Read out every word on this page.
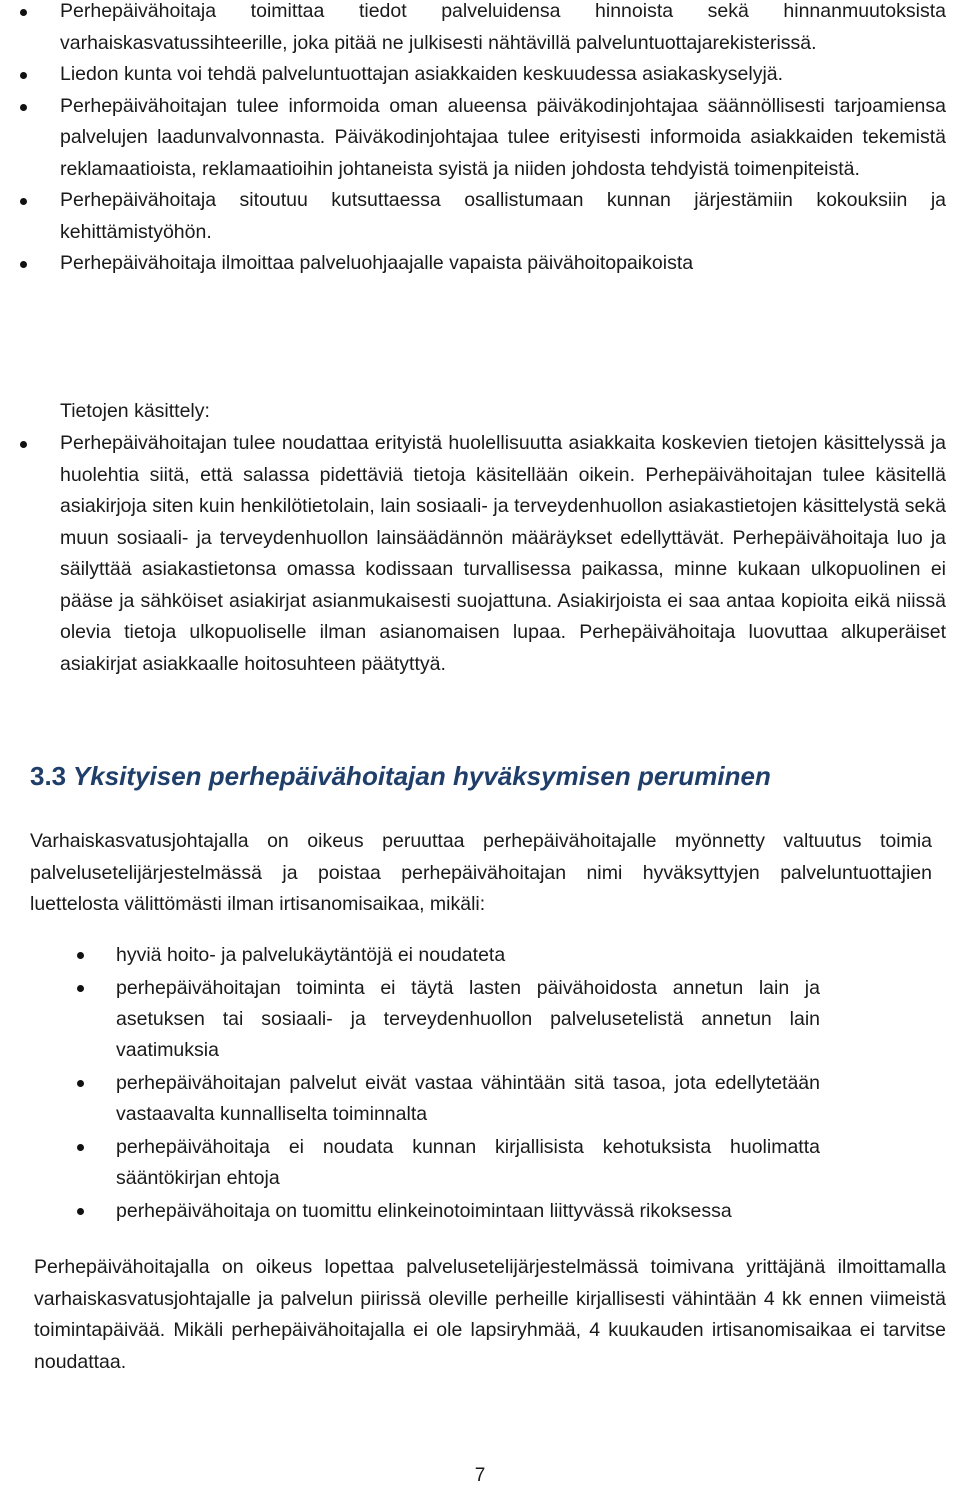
Perhepäivähoitaja toimittaa tiedot palveluidensa hinnoista sekä hinnanmuutoksista varhaiskasvatussihteerille, joka pitää ne julkisesti nähtävillä palveluntuottajarekisterissä.
Liedon kunta voi tehdä palveluntuottajan asiakkaiden keskuudessa asiakaskyselyjä.
Perhepäivähoitajan tulee informoida oman alueensa päiväkodinjohtajaa säännöllisesti tarjoamiensa palvelujen laadunvalvonnasta. Päiväkodinjohtajaa tulee erityisesti informoida asiakkaiden tekemistä reklamaatioista, reklamaatioihin johtaneista syistä ja niiden johdosta tehdyistä toimenpiteistä.
Perhepäivähoitaja sitoutuu kutsuttaessa osallistumaan kunnan järjestämiin kokouksiin ja kehittämistyöhön.
Perhepäivähoitaja ilmoittaa palveluohjaajalle vapaista päivähoitopaikoista
Tietojen käsittely:
Perhepäivähoitajan tulee noudattaa erityistä huolellisuutta asiakkaita koskevien tietojen käsittelyssä ja huolehtia siitä, että salassa pidettäviä tietoja käsitellään oikein. Perhepäivähoitajan tulee käsitellä asiakirjoja siten kuin henkilötietolain, lain sosiaali- ja terveydenhuollon asiakastietojen käsittelystä sekä muun sosiaali- ja terveydenhuollon lainsäädännön määräykset edellyttävät. Perhepäivähoitaja luo ja säilyttää asiakastietonsa omassa kodissaan turvallisessa paikassa, minne kukaan ulkopuolinen ei pääse ja sähköiset asiakirjat asianmukaisesti suojattuna. Asiakirjoista ei saa antaa kopioita eikä niissä olevia tietoja ulkopuoliselle ilman asianomaisen lupaa. Perhepäivähoitaja luovuttaa alkuperäiset asiakirjat asiakkaalle hoitosuhteen päätyttyä.
3.3 Yksityisen perhepäivähoitajan hyväksymisen peruminen

Varhaiskasvatusjohtajalla on oikeus peruuttaa perhepäivähoitajalle myönnetty valtuutus toimia palvelusetelijärjestelmässä ja poistaa perhepäivähoitajan nimi hyväksyttyjen palveluntuottajien luettelosta välittömästi ilman irtisanomisaikaa, mikäli:

hyviä hoito- ja palvelukäytäntöjä ei noudateta
perhepäivähoitajan toiminta ei täytä lasten päivähoidosta annetun lain ja asetuksen tai sosiaali- ja terveydenhuollon palvelusetelistä annetun lain vaatimuksia
perhepäivähoitajan palvelut eivät vastaa vähintään sitä tasoa, jota edellytetään vastaavalta kunnalliselta toiminnalta
perhepäivähoitaja ei noudata kunnan kirjallisista kehotuksista huolimatta sääntökirjan ehtoja
perhepäivähoitaja on tuomittu elinkeinotoimintaan liittyvässä rikoksessa

Perhepäivähoitajalla on oikeus lopettaa palvelusetelijärjestelmässä toimivana yrittäjänä ilmoittamalla varhaiskasvatusjohtajalle ja palvelun piirissä oleville perheille kirjallisesti vähintään 4 kk ennen viimeistä toimintapäivää. Mikäli perhepäivähoitajalla ei ole lapsiryhmää, 4 kuukauden irtisanomisaikaa ei tarvitse noudattaa.

7
